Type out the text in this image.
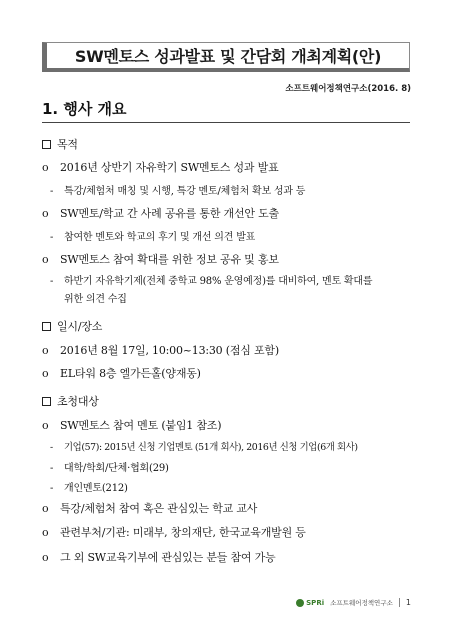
SW멘토스 성과발표 및 간담회 개최계획(안)
소프트웨어정책연구소(2016. 8)
1. 행사 개요
목적
o 2016년 상반기 자유학기 SW멘토스 성과 발표
- 특강/체험처 매칭 및 시행, 특강 멘토/체험처 확보 성과 등
o SW멘토/학교 간 사례 공유를 통한 개선안 도출
- 참여한 멘토와 학교의 후기 및 개선 의견 발표
o SW멘토스 참여 확대를 위한 정보 공유 및 홍보
- 하반기 자유학기제(전체 중학교 98% 운영예정)를 대비하여, 멘토 확대를
위한 의견 수집
일시/장소
o 2016년 8월 17일, 10:00~13:30 (점심 포함)
o EL타워 8층 엘가든홀(양재동)
초청대상
o SW멘토스 참여 멘토 (붙임1 참조)
- 기업(57): 2015년 신청 기업멘토 (51개 회사), 2016년 신청 기업(6개 회사)
- 대학/학회/단체·협회(29)
- 개인멘토(212)
o 특강/체험처 참여 혹은 관심있는 학교 교사
o 관련부처/기관: 미래부, 창의재단, 한국교육개발원 등
o 그 외 SW교육기부에 관심있는 분들 참여 가능
SPRi 소프트웨어정책연구소 1
